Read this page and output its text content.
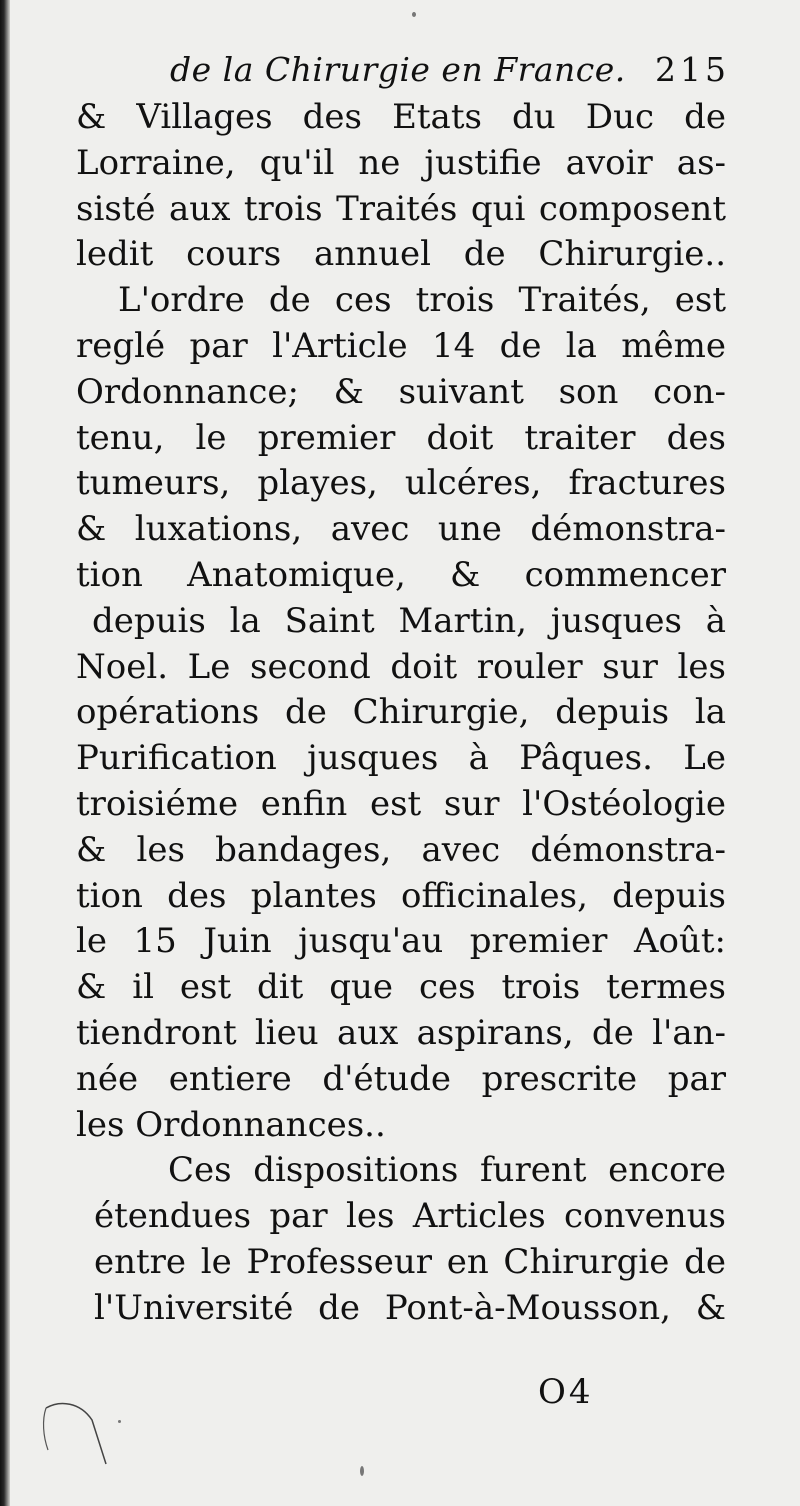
de la Chirurgie en France. 215
& Villages des Etats du Duc de
Lorraine, qu'il ne justifie avoir as-
sisté aux trois Traités qui composent
ledit cours annuel de Chirurgie..
L'ordre de ces trois Traités, est
reglé par l'Article 14 de la même
Ordonnance; & suivant son con-
tenu, le premier doit traiter des
tumeurs, playes, ulcéres, fractures
& luxations, avec une démonstra-
tion Anatomique, & commencer
depuis la Saint Martin, jusques à
Noel. Le second doit rouler sur les
opérations de Chirurgie, depuis la
Purification jusques à Pâques. Le
troisiéme enfin est sur l'Ostéologie
& les bandages, avec démonstra-
tion des plantes officinales, depuis
le 15 Juin jusqu'au premier Août:
& il est dit que ces trois termes
tiendront lieu aux aspirans, de l'an-
née entiere d'étude prescrite par
les Ordonnances..
Ces dispositions furent encore
étendues par les Articles convenus
entre le Professeur en Chirurgie de
l'Université de Pont-à-Mousson, &
O4
